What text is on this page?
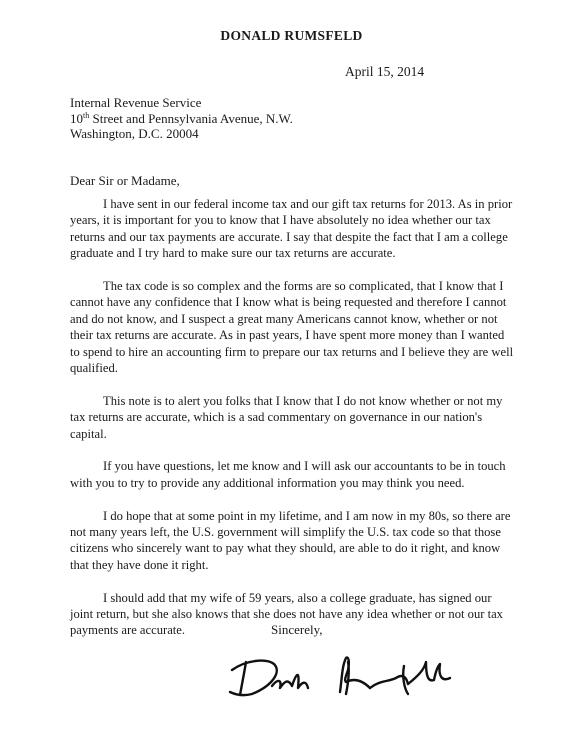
DONALD RUMSFELD
April 15, 2014
Internal Revenue Service
10th Street and Pennsylvania Avenue, N.W.
Washington, D.C. 20004
Dear Sir or Madame,

I have sent in our federal income tax and our gift tax returns for 2013. As in prior years, it is important for you to know that I have absolutely no idea whether our tax returns and our tax payments are accurate. I say that despite the fact that I am a college graduate and I try hard to make sure our tax returns are accurate.

The tax code is so complex and the forms are so complicated, that I know that I cannot have any confidence that I know what is being requested and therefore I cannot and do not know, and I suspect a great many Americans cannot know, whether or not their tax returns are accurate. As in past years, I have spent more money than I wanted to spend to hire an accounting firm to prepare our tax returns and I believe they are well qualified.

This note is to alert you folks that I know that I do not know whether or not my tax returns are accurate, which is a sad commentary on governance in our nation's capital.

If you have questions, let me know and I will ask our accountants to be in touch with you to try to provide any additional information you may think you need.

I do hope that at some point in my lifetime, and I am now in my 80s, so there are not many years left, the U.S. government will simplify the U.S. tax code so that those citizens who sincerely want to pay what they should, are able to do it right, and know that they have done it right.

I should add that my wife of 59 years, also a college graduate, has signed our joint return, but she also knows that she does not have any idea whether or not our tax payments are accurate.	Sincerely,
